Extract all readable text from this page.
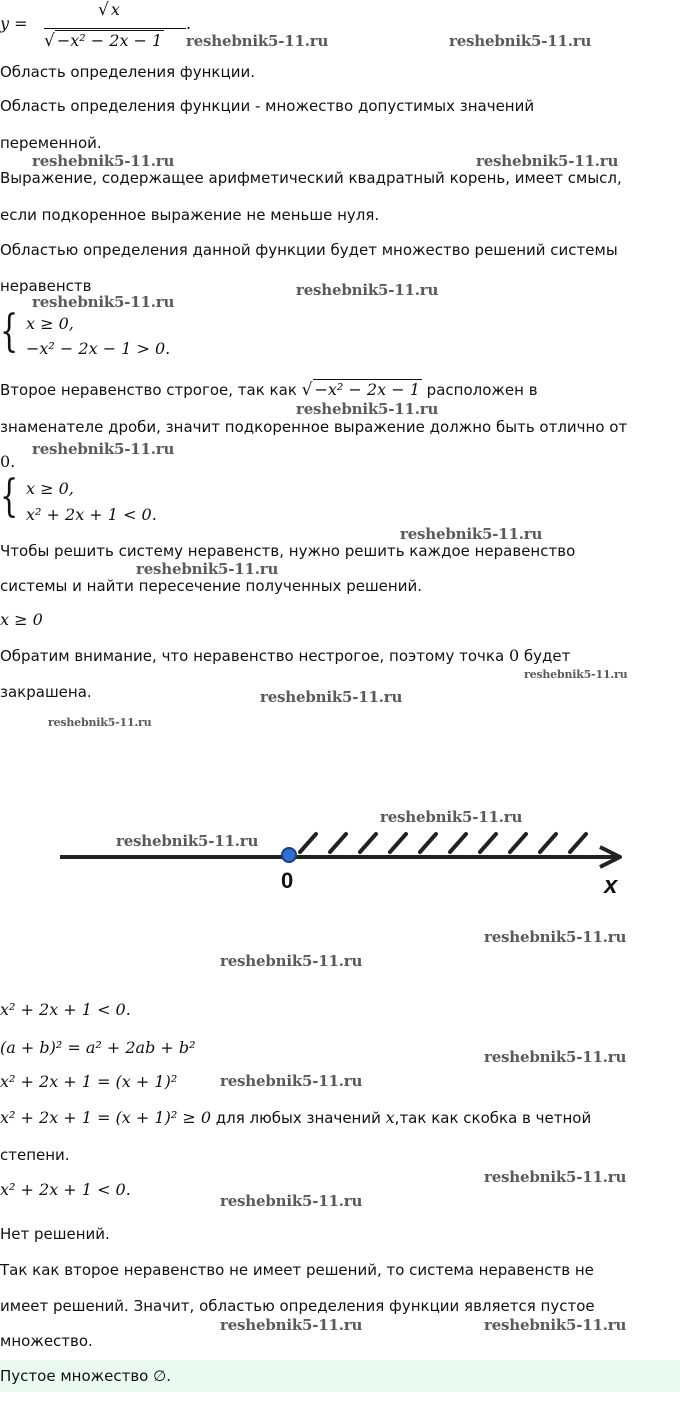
y =
√ x
√ −x² − 2x − 1
.
reshebnik5-11.ru	reshebnik5-11.ru
Область определения функции.
Область определения функции - множество допустимых значений
переменной.
reshebnik5-11.ru	reshebnik5-11.ru
Выражение, содержащее арифметический квадратный корень, имеет смысл,
если подкоренное выражение не меньше нуля.
Областью определения данной функции будет множество решений системы
неравенств	reshebnik5-11.ru
reshebnik5-11.ru
{ x ≥ 0,
−x² − 2x − 1 > 0.
Второе неравенство строгое, так как √ −x² − 2x − 1 расположен в
reshebnik5-11.ru
знаменателе дроби, значит подкоренное выражение должно быть отлично от
0.
reshebnik5-11.ru
{ x ≥ 0,
x² + 2x + 1 < 0.
reshebnik5-11.ru
Чтобы решить систему неравенств, нужно решить каждое неравенство
reshebnik5-11.ru
системы и найти пересечение полученных решений.
x ≥ 0
Обратим внимание, что неравенство нестрогое, поэтому точка 0 будет
reshebnik5-11.ru
закрашена.	reshebnik5-11.ru
reshebnik5-11.ru
0	x
reshebnik5-11.ru
reshebnik5-11.ru
reshebnik5-11.ru
reshebnik5-11.ru
x² + 2x + 1 < 0.
(a + b)² = a² + 2ab + b²	reshebnik5-11.ru
x² + 2x + 1 = (x + 1)²	reshebnik5-11.ru
x² + 2x + 1 = (x + 1)² ≥ 0 для любых значений x,так как скобка в четной
степени.
reshebnik5-11.ru
x² + 2x + 1 < 0.
reshebnik5-11.ru
Нет решений.
Так как второе неравенство не имеет решений, то система неравенств не
имеет решений. Значит, областью определения функции является пустое
множество.
reshebnik5-11.ru	reshebnik5-11.ru
Пустое множество ∅.
